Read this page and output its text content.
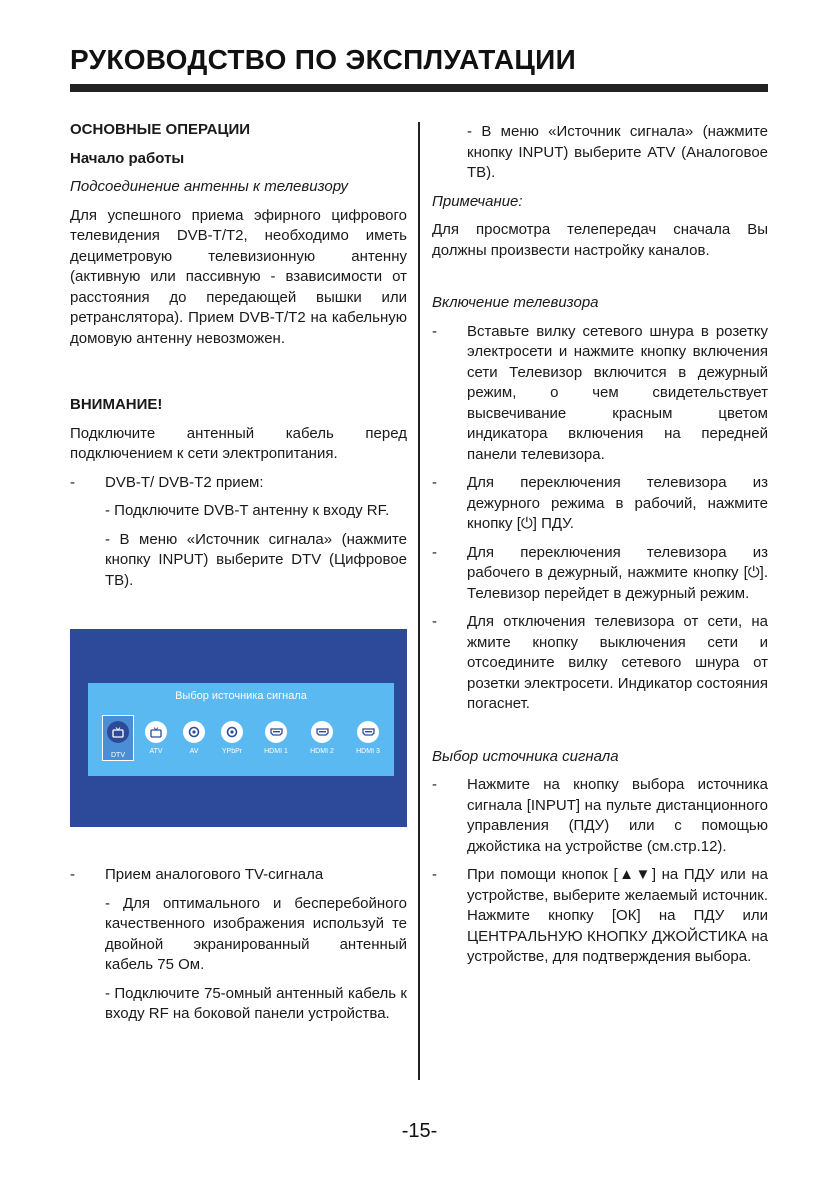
РУКОВОДСТВО ПО ЭКСПЛУАТАЦИИ
ОСНОВНЫЕ ОПЕРАЦИИ
Начало работы
Подсоединение антенны к телевизору

Для успешного приема эфирного цифрового телевидения DVB-T/T2, необходимо иметь дециметровую телевизионную антенну (активную или пассивную - взависимости от расстояния до передающей вышки или ретранслятора). Прием DVB-T/T2 на кабельную домовую антенну невозможен.

ВНИМАНИЕ!

Подключите антенный кабель перед подключением к сети электропитания.

- DVB-T/ DVB-T2 прием:

- Подключите DVB-T антенну к входу RF.

- В меню «Источник сигнала» (нажмите кнопку INPUT) выберите DTV (Цифровое ТВ).

Выбор источника сигнала
DTV
ATV	AV	YPbPr	HDMI 1	HDMI 2	HDMI 3
- Прием аналогового TV-сигнала

- Для оптимального и бесперебойного качественного изображения используй те двойной экранированный антенный кабель 75 Ом.

- Подключите 75-омный антенный кабель к входу RF на боковой панели устройства.

- В меню «Источник сигнала» (нажмите кнопку INPUT) выберите ATV (Аналоговое ТВ).

Примечание:

Для просмотра телепередач сначала Вы должны произвести настройку каналов.

Включение телевизора
- Вставьте вилку сетевого шнура в розетку электросети и нажмите кнопку включения сети Телевизор включится в дежурный режим, о чем свидетельствует высвечивание красным цветом индикатора включения на передней панели телевизора.
- Для переключения телевизора из дежурного режима в рабочий, нажмите кнопку [⏻] ПДУ.
- Для переключения телевизора из рабочего в дежурный, нажмите кнопку [⏻]. Телевизор перейдет в дежурный режим.
- Для отключения телевизора от сети, на жмите кнопку выключения сети и отсоедините вилку сетевого шнура от розетки электросети. Индикатор состояния погаснет.
Выбор источника сигнала
- Нажмите на кнопку выбора источника сигнала [INPUT] на пульте дистанционного управления (ПДУ) или с помощью джойстика на устройстве (см.стр.12).
- При помощи кнопок [▲▼] на ПДУ или на устройстве, выберите желаемый источник. Нажмите кнопку [ОК] на ПДУ или ЦЕНТРАЛЬНУЮ КНОПКУ ДЖОЙСТИКА на устройстве, для подтверждения выбора.
-15-
